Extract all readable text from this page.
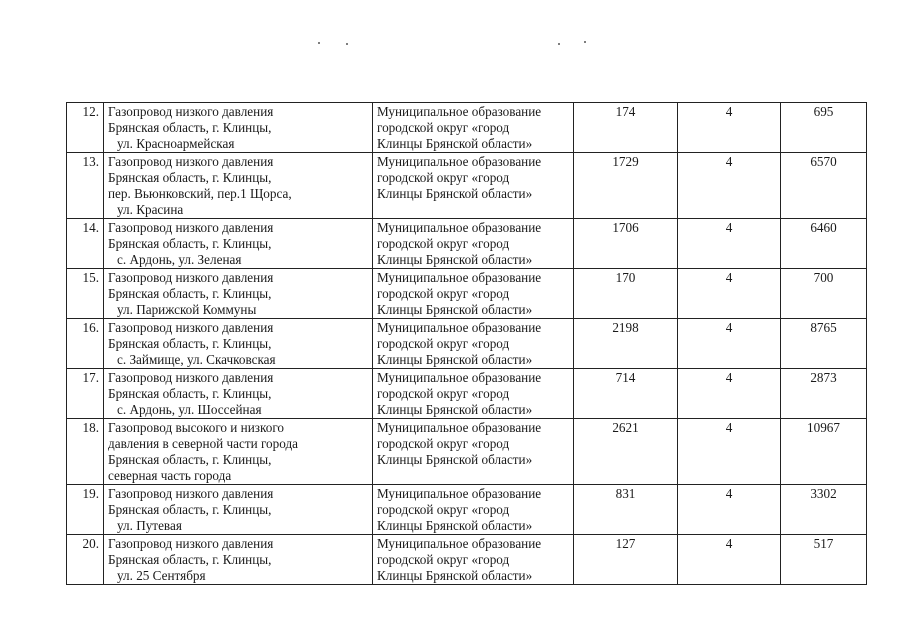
12.	Газопровод низкого давления
Брянская область, г. Клинцы,
ул. Красноармейская	Муниципальное образование
городской округ «город
Клинцы Брянской области»	174	4	695
13.	Газопровод низкого давления
Брянская область, г. Клинцы,
пер. Вьюнковский, пер.1 Щорса,
ул. Красина	Муниципальное образование
городской округ «город
Клинцы Брянской области»	1729	4	6570
14.	Газопровод низкого давления
Брянская область, г. Клинцы,
с. Ардонь, ул. Зеленая	Муниципальное образование
городской округ «город
Клинцы Брянской области»	1706	4	6460
15.	Газопровод низкого давления
Брянская область, г. Клинцы,
ул. Парижской Коммуны	Муниципальное образование
городской округ «город
Клинцы Брянской области»	170	4	700
16.	Газопровод низкого давления
Брянская область, г. Клинцы,
с. Займище, ул. Скачковская	Муниципальное образование
городской округ «город
Клинцы Брянской области»	2198	4	8765
17.	Газопровод низкого давления
Брянская область, г. Клинцы,
с. Ардонь, ул. Шоссейная	Муниципальное образование
городской округ «город
Клинцы Брянской области»	714	4	2873
18.	Газопровод высокого и низкого
давления в северной части города
Брянская область, г. Клинцы,
северная часть города	Муниципальное образование
городской округ «город
Клинцы Брянской области»	2621	4	10967
19.	Газопровод низкого давления
Брянская область, г. Клинцы,
ул. Путевая	Муниципальное образование
городской округ «город
Клинцы Брянской области»	831	4	3302
20.	Газопровод низкого давления
Брянская область, г. Клинцы,
ул. 25 Сентября	Муниципальное образование
городской округ «город
Клинцы Брянской области»	127	4	517
